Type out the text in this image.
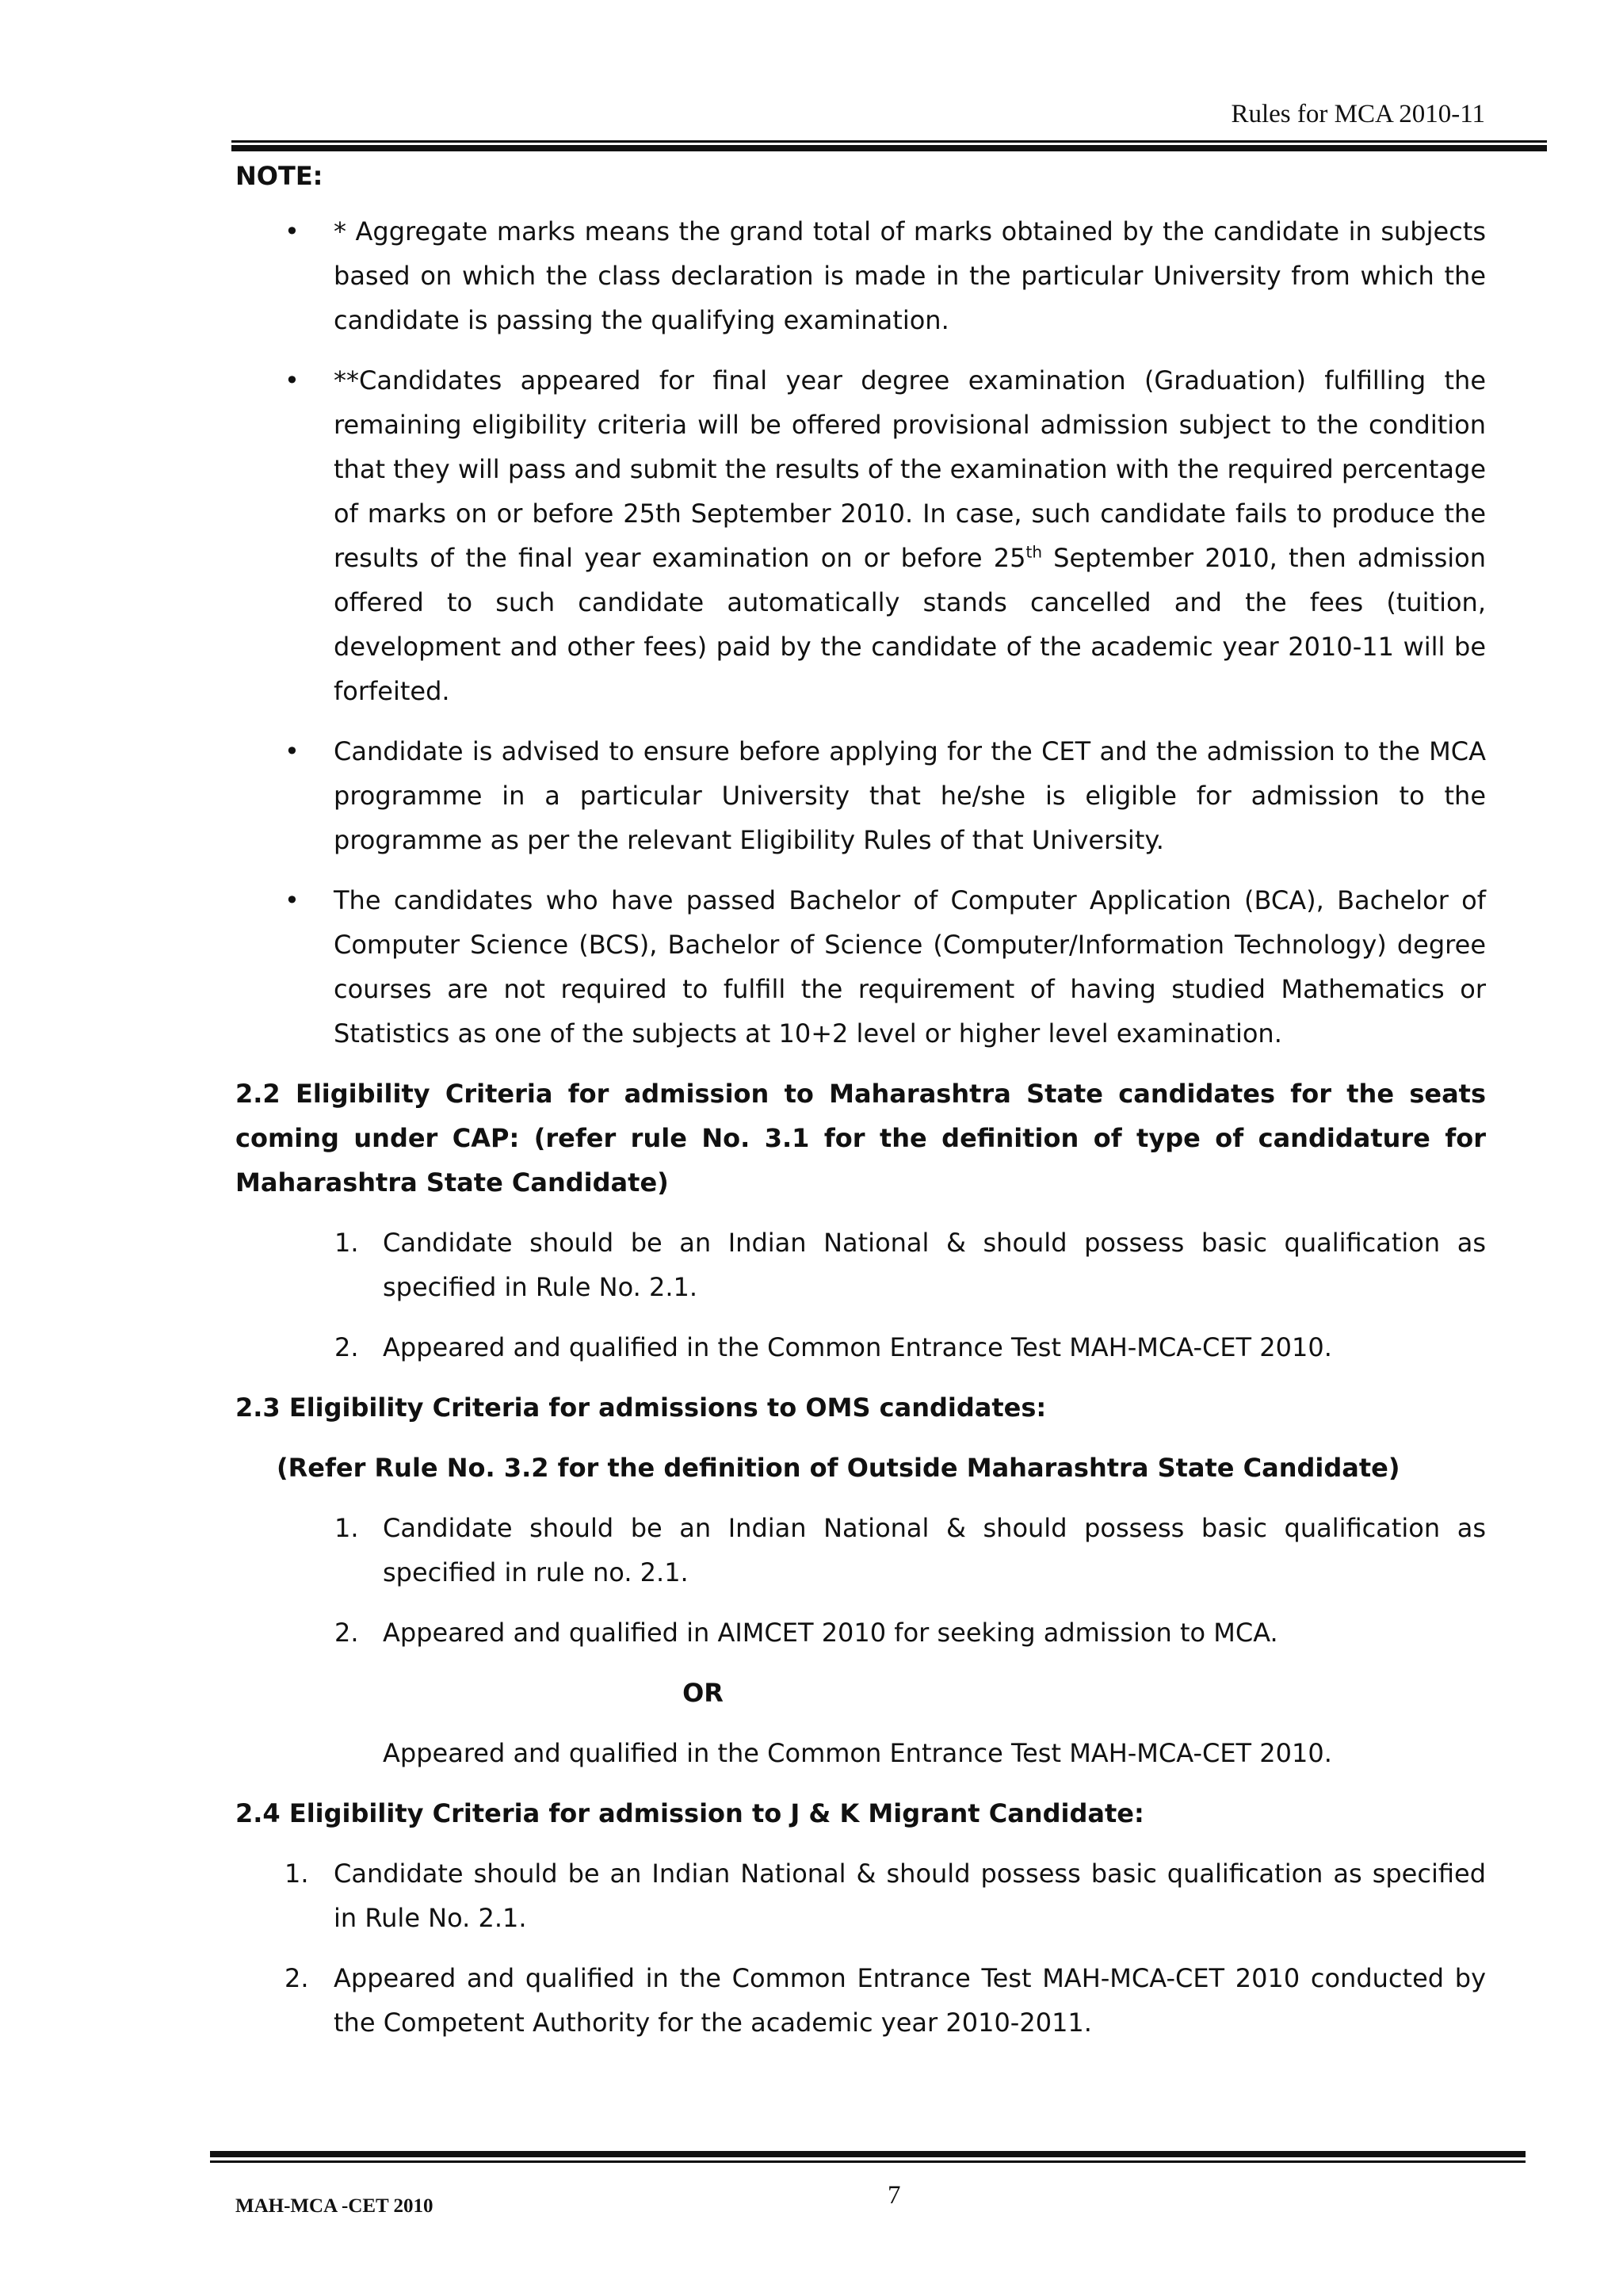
Rules for MCA 2010-11
NOTE:
• * Aggregate marks means the grand total of marks obtained by the candidate in subjects based on which the class declaration is made in the particular University from which the candidate is passing the qualifying examination.
• **Candidates appeared for final year degree examination (Graduation) fulfilling the remaining eligibility criteria will be offered provisional admission subject to the condition that they will pass and submit the results of the examination with the required percentage of marks on or before 25th September 2010. In case, such candidate fails to produce the results of the final year examination on or before 25th September 2010, then admission offered to such candidate automatically stands cancelled and the fees (tuition, development and other fees) paid by the candidate of the academic year 2010-11 will be forfeited.
• Candidate is advised to ensure before applying for the CET and the admission to the MCA programme in a particular University that he/she is eligible for admission to the programme as per the relevant Eligibility Rules of that University.
• The candidates who have passed Bachelor of Computer Application (BCA), Bachelor of Computer Science (BCS), Bachelor of Science (Computer/Information Technology) degree courses are not required to fulfill the requirement of having studied Mathematics or Statistics as one of the subjects at 10+2 level or higher level examination.
2.2 Eligibility Criteria for admission to Maharashtra State candidates for the seats coming under CAP: (refer rule No. 3.1 for the definition of type of candidature for Maharashtra State Candidate)
1. Candidate should be an Indian National & should possess basic qualification as specified in Rule No. 2.1.
2. Appeared and qualified in the Common Entrance Test MAH-MCA-CET 2010.
2.3 Eligibility Criteria for admissions to OMS candidates:
(Refer Rule No. 3.2 for the definition of Outside Maharashtra State Candidate)
1. Candidate should be an Indian National & should possess basic qualification as specified in rule no. 2.1.
2. Appeared and qualified in AIMCET 2010 for seeking admission to MCA.
OR
Appeared and qualified in the Common Entrance Test MAH-MCA-CET 2010.
2.4 Eligibility Criteria for admission to J & K Migrant Candidate:
1. Candidate should be an Indian National & should possess basic qualification as specified in Rule No. 2.1.
2. Appeared and qualified in the Common Entrance Test MAH-MCA-CET 2010 conducted by the Competent Authority for the academic year 2010-2011.
MAH-MCA -CET 2010	7
